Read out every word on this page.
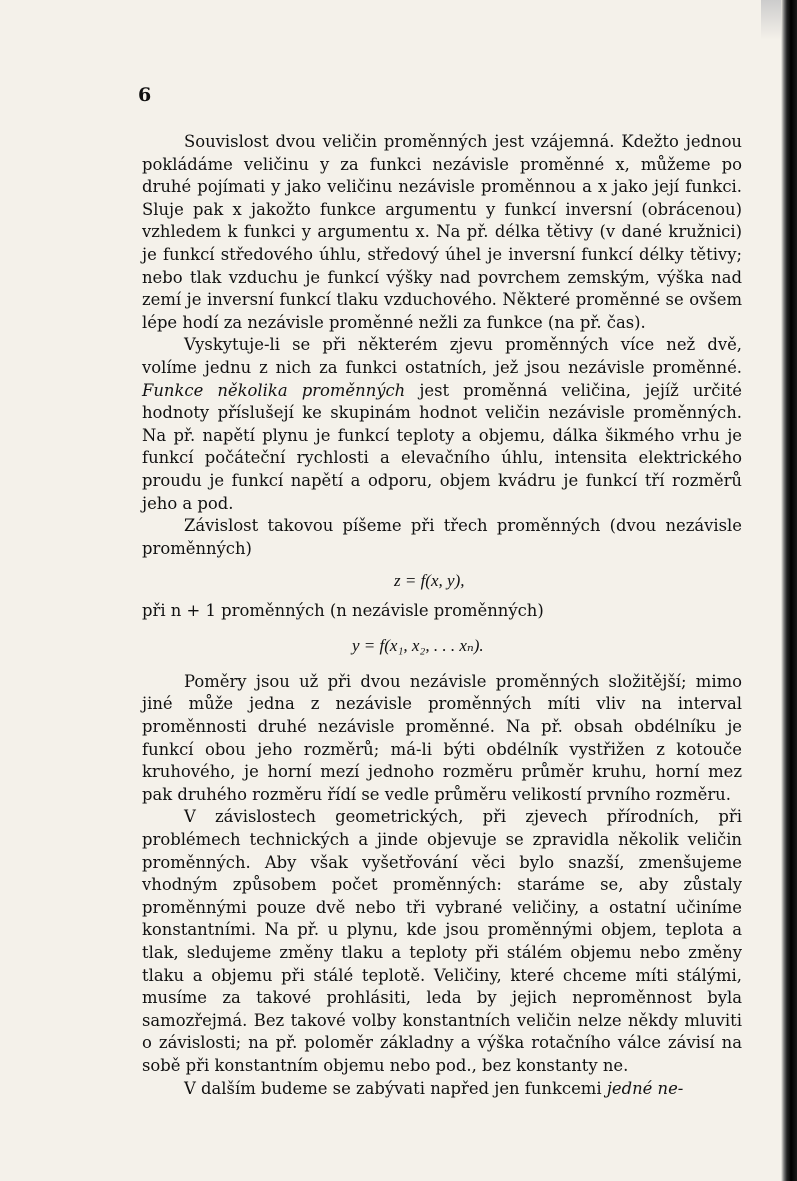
6

Souvislost dvou veličin proměnných jest vzájemná. Kdežto jednou pokládáme veličinu y za funkci nezávisle proměnné x, můžeme po druhé pojímati y jako veličinu nezávisle proměnnou a x jako její funkci. Sluje pak x jakožto funkce argumentu y funkcí inversní (obrácenou) vzhledem k funkci y argumentu x. Na př. délka tětivy (v dané kružnici) je funkcí středového úhlu, středový úhel je inversní funkcí délky tětivy; nebo tlak vzduchu je funkcí výšky nad povrchem zemským, výška nad zemí je inversní funkcí tlaku vzduchového. Některé proměnné se ovšem lépe hodí za nezávisle proměnné nežli za funkce (na př. čas).

Vyskytuje-li se při některém zjevu proměnných více než dvě, volíme jednu z nich za funkci ostatních, jež jsou nezávisle proměnné. Funkce několika proměnných jest proměnná veličina, jejíž určité hodnoty příslušejí ke skupinám hodnot veličin nezávisle proměnných. Na př. napětí plynu je funkcí teploty a objemu, dálka šikmého vrhu je funkcí počáteční rychlosti a elevačního úhlu, intensita elektrického proudu je funkcí napětí a odporu, objem kvádru je funkcí tří rozměrů jeho a pod.

Závislost takovou píšeme při třech proměnných (dvou nezávisle proměnných)

z = f(x, y),

při n + 1 proměnných (n nezávisle proměnných)

y = f(x₁, x₂, . . . xₙ).

Poměry jsou už při dvou nezávisle proměnných složitější; mimo jiné může jedna z nezávisle proměnných míti vliv na interval proměnnosti druhé nezávisle proměnné. Na př. obsah obdélníku je funkcí obou jeho rozměrů; má-li býti obdélník vystřižen z kotouče kruhového, je horní mezí jednoho rozměru průměr kruhu, horní mez pak druhého rozměru řídí se vedle průměru velikostí prvního rozměru.

V závislostech geometrických, při zjevech přírodních, při problémech technických a jinde objevuje se zpravidla několik veličin proměnných. Aby však vyšetřování věci bylo snazší, zmenšujeme vhodným způsobem počet proměnných: staráme se, aby zůstaly proměnnými pouze dvě nebo tři vybrané veličiny, a ostatní učiníme konstantními. Na př. u plynu, kde jsou proměnnými objem, teplota a tlak, sledujeme změny tlaku a teploty při stálém objemu nebo změny tlaku a objemu při stálé teplotě. Veličiny, které chceme míti stálými, musíme za takové prohlásiti, leda by jejich neproměnnost byla samozřejmá. Bez takové volby konstantních veličin nelze někdy mluviti o závislosti; na př. poloměr základny a výška rotačního válce závisí na sobě při konstantním objemu nebo pod., bez konstanty ne.

V dalším budeme se zabývati napřed jen funkcemi jedné ne-
